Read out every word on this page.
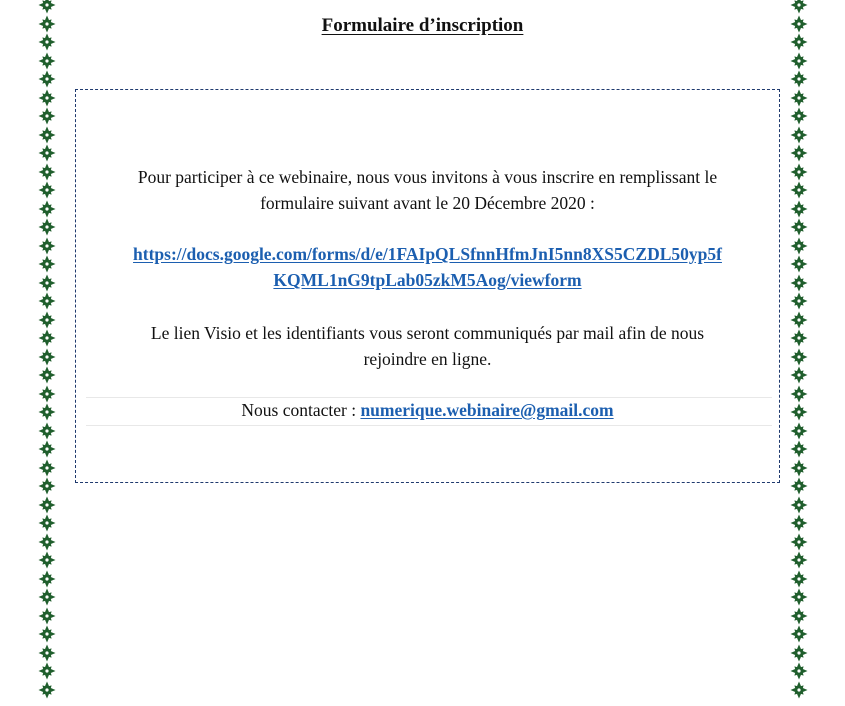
Formulaire d’inscription
Pour participer à ce webinaire, nous vous invitons à vous inscrire en remplissant le
formulaire suivant avant le 20 Décembre 2020 :
https://docs.google.com/forms/d/e/1FAIpQLSfnnHfmJnI5nn8XS5CZDL50yp5f
KQML1nG9tpLab05zkM5Aog/viewform
Le lien Visio et les identifiants vous seront communiqués par mail afin de nous
rejoindre en ligne.
Nous contacter : numerique.webinaire@gmail.com
